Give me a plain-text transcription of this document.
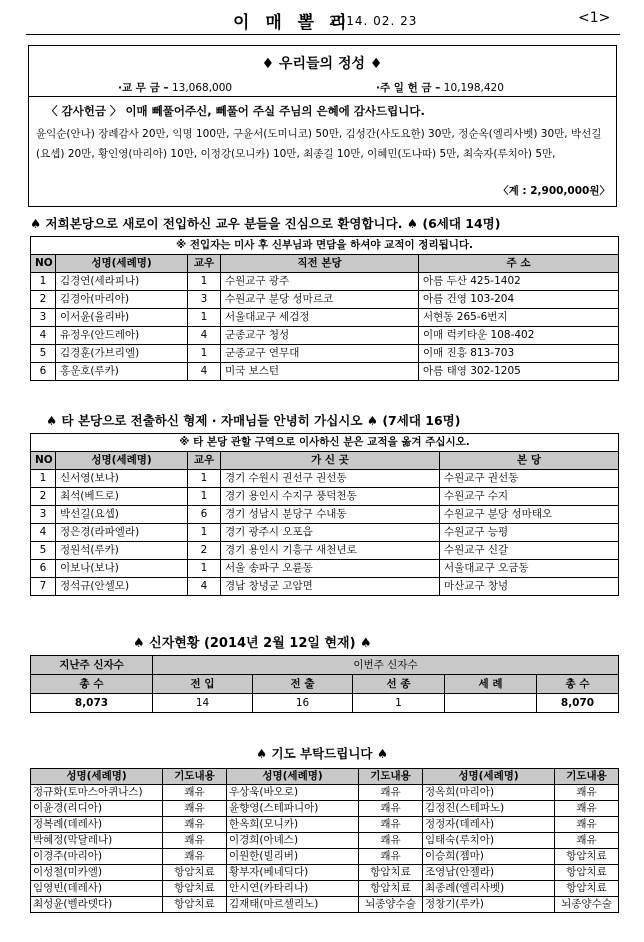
이 매 뽈 리
2014. 02. 23	<1>
♦ 우리들의 정성 ♦
·교 무 금 – 13,068,000	·주 일 헌 금 – 10,198,420
〈 감사헌금 〉 이매 뻬풀어주신, 뻬풀어 주실 주님의 은혜에 감사드립니다.
윤익순(안나) 장례감사 20만, 익명 100만, 구윤서(도미니코) 50만, 김성간(사도요한) 30만, 정순옥(엘리사벳) 30만, 박선길(요셉) 20만, 황인영(마리아) 10만, 이정강(모니카) 10만, 최종길 10만, 이혜민(도나따) 5만, 최숙자(루치아) 5만,
〈계 : 2,900,000원〉
♠ 저희본당으로 새로이 전입하신 교우 분들을 진심으로 환영합니다. ♠ (6세대 14명)
※ 전입자는 미사 후 신부님과 면담을 하셔야 교적이 정리됩니다.				
NO	성명(세례명)	교우	직전 본당	주 소
1	김경연(세라피나)	1	수원교구 광주	아름 두산 425-1402
2	김경아(마리아)	3	수원교구 분당 성마르코	아름 건영 103-204
3	이서윤(율리바)	1	서울대교구 세검정	서현동 265-6번지
4	유정우(안드레아)	4	군종교구 청성	이매 럭키타운 108-402
5	김경훈(가브리엘)	1	군종교구 연무대	이매 진흥 813-703
6	홍운호(루카)	4	미국 보스턴	아름 태영 302-1205
♠ 타 본당으로 전출하신 형제 · 자매님들 안녕히 가십시오 ♠ (7세대 16명)
※ 타 본당 관할 구역으로 이사하신 분은 교적을 옮겨 주십시오.				
NO	성명(세례명)	교우	가 신 곳	본 당
1	신서영(보나)	1	경기 수원시 권선구 권선동	수원교구 권선동
2	최석(베드로)	1	경기 용인시 수지구 풍덕천동	수원교구 수지
3	박선길(요셉)	6	경기 성남시 분당구 수내동	수원교구 분당 성마태오
4	정은경(라파엘라)	1	경기 광주시 오포읍	수원교구 능평
5	정원석(루카)	2	경기 용인시 기흥구 새천년로	수원교구 신갈
6	이보나(보나)	1	서울 송파구 오륜동	서울대교구 오금동
7	정석규(안셀모)	4	경남 창녕군 고암면	마산교구 창녕
♠ 신자현황 (2014년 2월 12일 현재) ♠
지난주 신자수	이번주 신자수				
총 수	전 입	전 출	선 종	세 례	총 수
8,073	14	16	1		8,070
♠ 기도 부탁드립니다 ♠
성명(세례명)	기도내용	성명(세례명)	기도내용	성명(세례명)	기도내용
정규화(토마스아퀴나스)	쾌유	우상욱(바오로)	쾌유	정옥희(마리아)	쾌유
이윤경(리디아)	쾌유	윤향영(스테파니아)	쾌유	김정진(스테파노)	쾌유
정복례(데레사)	쾌유	한옥희(모니카)	쾌유	정정자(데레사)	쾌유
박혜정(막달레나)	쾌유	이경희(아녜스)	쾌유	임태숙(루치아)	쾌유
이경주(마리아)	쾌유	이원한(빌리버)	쾌유	이승희(젬마)	항암치료
이성철(미카엘)	항암치료	황부자(베네딕다)	항암치료	조영남(안젤라)	항암치료
임영빈(데레사)	항암치료	안시연(카타리나)	항암치료	최종례(엘리사벳)	항암치료
최성윤(벨라뎃다)	항암치료	김재태(마르셀리노)	뇌종양수술	정창기(루카)	뇌종양수술
